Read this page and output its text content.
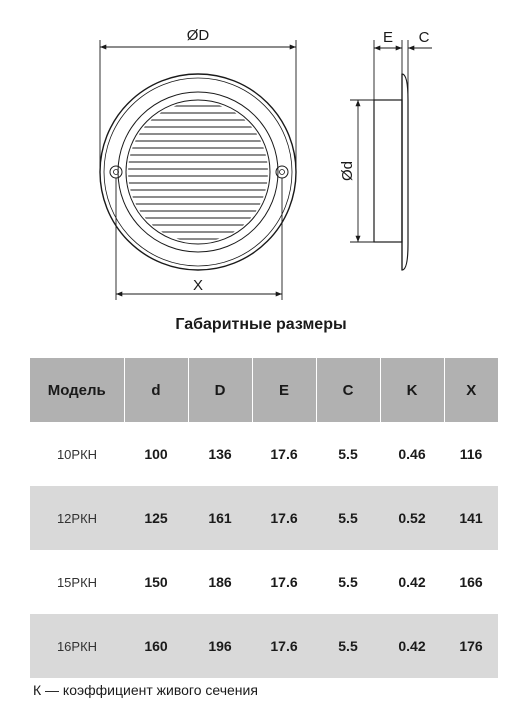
ØD
X
Ød
E C
Габаритные размеры
Модель	d	D	E	C	K	X
10РКН	100	136	17.6	5.5	0.46	116
12РКН	125	161	17.6	5.5	0.52	141
15РКН	150	186	17.6	5.5	0.42	166
16РКН	160	196	17.6	5.5	0.42	176
К — коэффициент живого сечения
